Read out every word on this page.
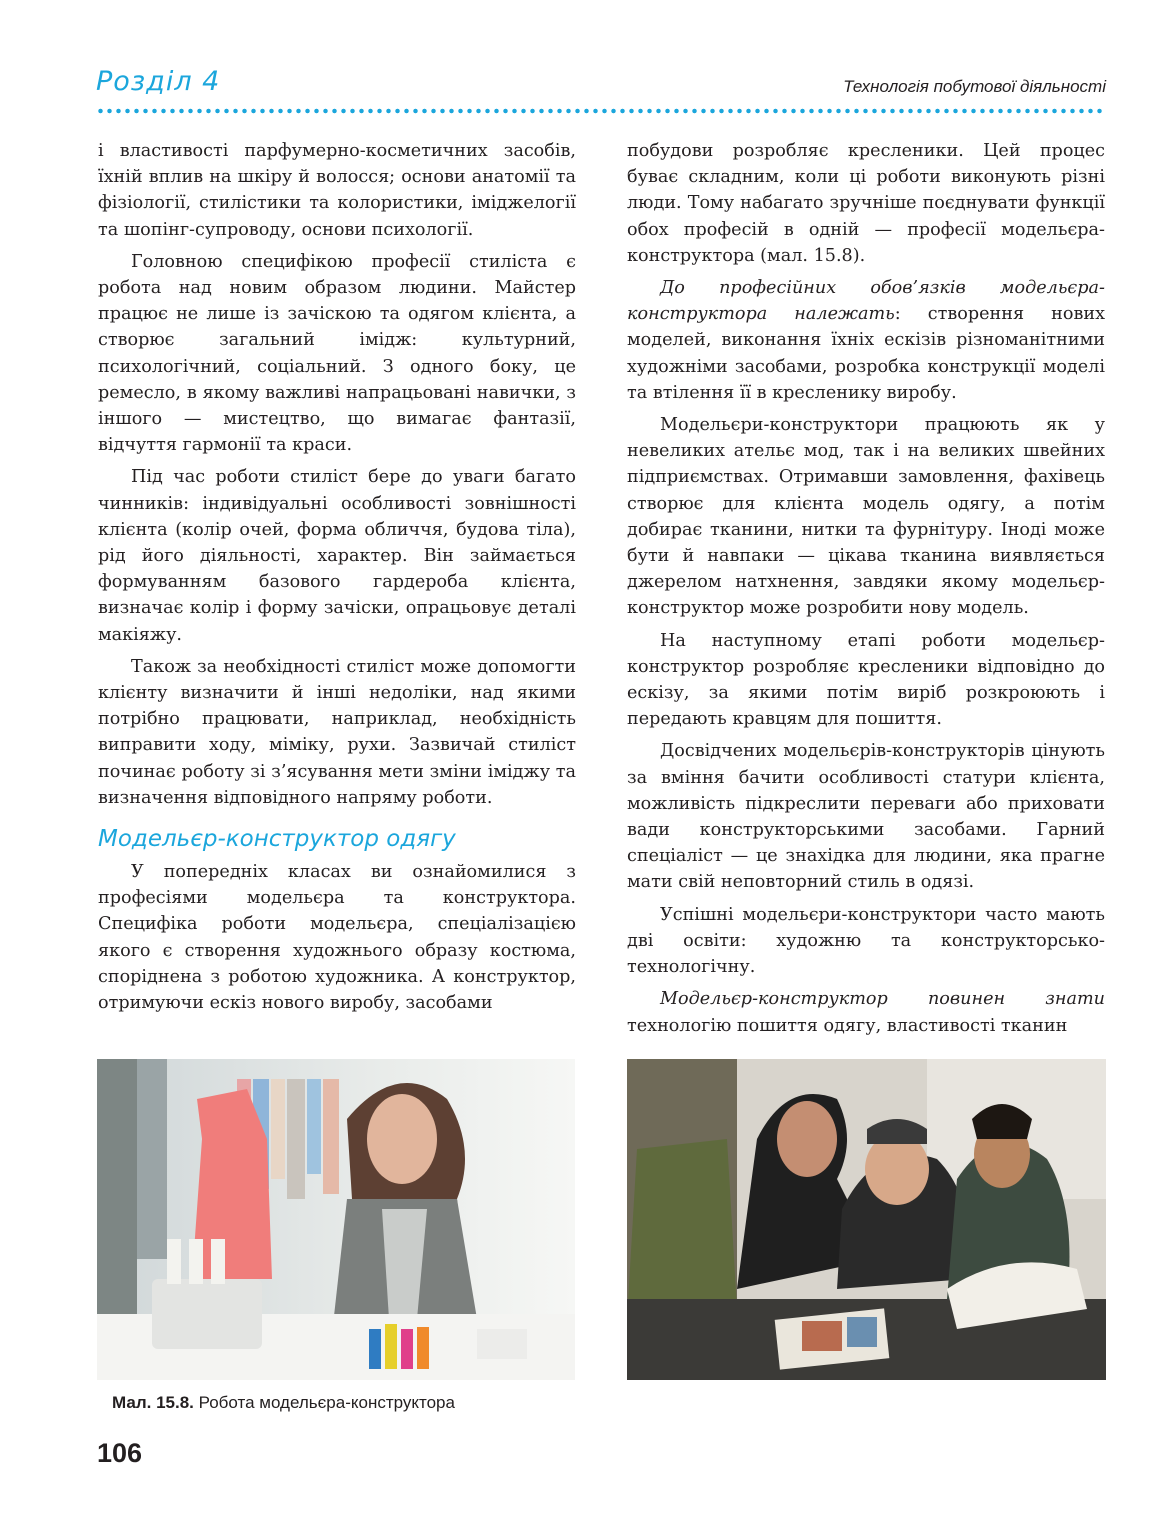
Розділ 4	Технологія побутової діяльності

і властивості парфумерно-косметичних засобів, їхній вплив на шкіру й волосся; основи анатомії та фізіології, стилістики та колористики, іміджелогії та шопінг-супроводу, основи психології.

Головною специфікою професії стиліста є робота над новим образом людини. Майстер працює не лише із зачіскою та одягом клієнта, а створює загальний імідж: культурний, психологічний, соціальний. З одного боку, це ремесло, в якому важливі напрацьовані навички, з іншого — мистецтво, що вимагає фантазії, відчуття гармонії та краси.

Під час роботи стиліст бере до уваги багато чинників: індивідуальні особливості зовнішності клієнта (колір очей, форма обличчя, будова тіла), рід його діяльності, характер. Він займається формуванням базового гардероба клієнта, визначає колір і форму зачіски, опрацьовує деталі макіяжу.

Також за необхідності стиліст може допомогти клієнту визначити й інші недоліки, над якими потрібно працювати, наприклад, необхідність виправити ходу, міміку, рухи. Зазвичай стиліст починає роботу зі з’ясування мети зміни іміджу та визначення відповідного напряму роботи.

Модельєр-конструктор одягу

У попередніх класах ви ознайомилися з професіями модельєра та конструктора. Специфіка роботи модельєра, спеціалізацією якого є створення художнього образу костюма, споріднена з роботою художника. А конструктор, отримуючи ескіз нового виробу, засобами

побудови розробляє кресленики. Цей процес буває складним, коли ці роботи виконують різні люди. Тому набагато зручніше поєднувати функції обох професій в одній — професії модельєра-конструктора (мал. 15.8).

До професійних обов’язків модельєра-конструктора належать: створення нових моделей, виконання їхніх ескізів різноманітними художніми засобами, розробка конструкції моделі та втілення її в кресленику виробу.

Модельєри-конструктори працюють як у невеликих ательє мод, так і на великих швейних підприємствах. Отримавши замовлення, фахівець створює для клієнта модель одягу, а потім добирає тканини, нитки та фурнітуру. Іноді може бути й навпаки — цікава тканина виявляється джерелом натхнення, завдяки якому модельєр-конструктор може розробити нову модель.

На наступному етапі роботи модельєр-конструктор розробляє кресленики відповідно до ескізу, за якими потім виріб розкроюють і передають кравцям для пошиття.

Досвідчених модельєрів-конструкторів цінують за вміння бачити особливості статури клієнта, можливість підкреслити переваги або приховати вади конструкторськими засобами. Гарний спеціаліст — це знахідка для людини, яка прагне мати свій неповторний стиль в одязі.

Успішні модельєри-конструктори часто мають дві освіти: художню та конструкторсько-технологічну.

Модельєр-конструктор повинен знати технологію пошиття одягу, властивості тканин

Мал. 15.8. Робота модельєра-конструктора
106
